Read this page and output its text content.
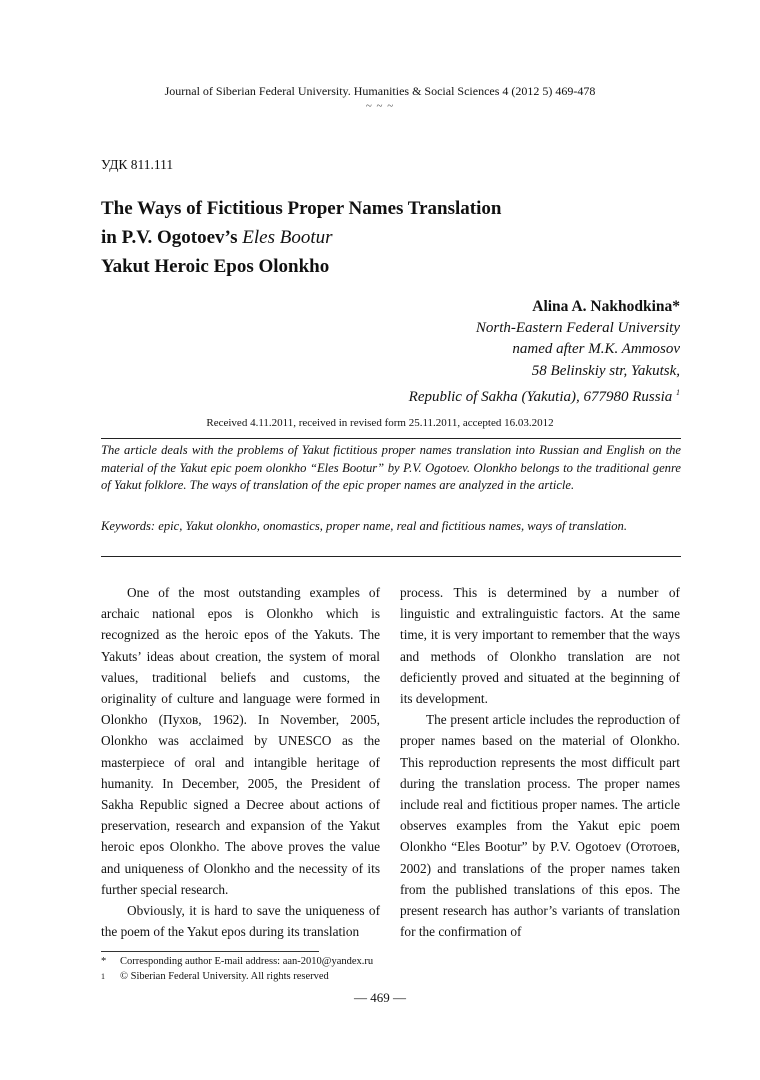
Journal of Siberian Federal University. Humanities & Social Sciences 4 (2012 5) 469-478
~ ~ ~
УДК 811.111
The Ways of Fictitious Proper Names Translation
in P.V. Ogotoev’s Eles Bootur
Yakut Heroic Epos Olonkho
Alina A. Nakhodkina*
North-Eastern Federal University
named after M.K. Ammosov
58 Belinskiy str, Yakutsk,
Republic of Sakha (Yakutia), 677980 Russia $^1$
Received 4.11.2011, received in revised form 25.11.2011, accepted 16.03.2012
The article deals with the problems of Yakut fictitious proper names translation into Russian and English on the material of the Yakut epic poem olonkho “Eles Bootur” by P.V. Ogotoev. Olonkho belongs to the traditional genre of Yakut folklore. The ways of translation of the epic proper names are analyzed in the article.
Keywords: epic, Yakut olonkho, onomastics, proper name, real and fictitious names, ways of translation.

One of the most outstanding examples of archaic national epos is Olonkho which is recognized as the heroic epos of the Yakuts. The Yakuts’ ideas about creation, the system of moral values, traditional beliefs and customs, the originality of culture and language were formed in Olonkho (Пухов, 1962). In November, 2005, Olonkho was acclaimed by UNESCO as the masterpiece of oral and intangible heritage of humanity. In December, 2005, the President of Sakha Republic signed a Decree about actions of preservation, research and expansion of the Yakut heroic epos Olonkho. The above proves the value and uniqueness of Olonkho and the necessity of its further special research.

Obviously, it is hard to save the uniqueness of the poem of the Yakut epos during its translation

process. This is determined by a number of linguistic and extralinguistic factors. At the same time, it is very important to remember that the ways and methods of Olonkho translation are not deficiently proved and situated at the beginning of its development.

The present article includes the reproduction of proper names based on the material of Olonkho. This reproduction represents the most difficult part during the translation process. The proper names include real and fictitious proper names. The article observes examples from the Yakut epic poem Olonkho “Eles Bootur” by P.V. Ogotoev (Ототоев, 2002) and translations of the proper names taken from the published translations of this epos. The present research has author’s variants of translation for the confirmation of

*	Corresponding author E-mail address: aan-2010@yandex.ru
1	© Siberian Federal University. All rights reserved
— 469 —
